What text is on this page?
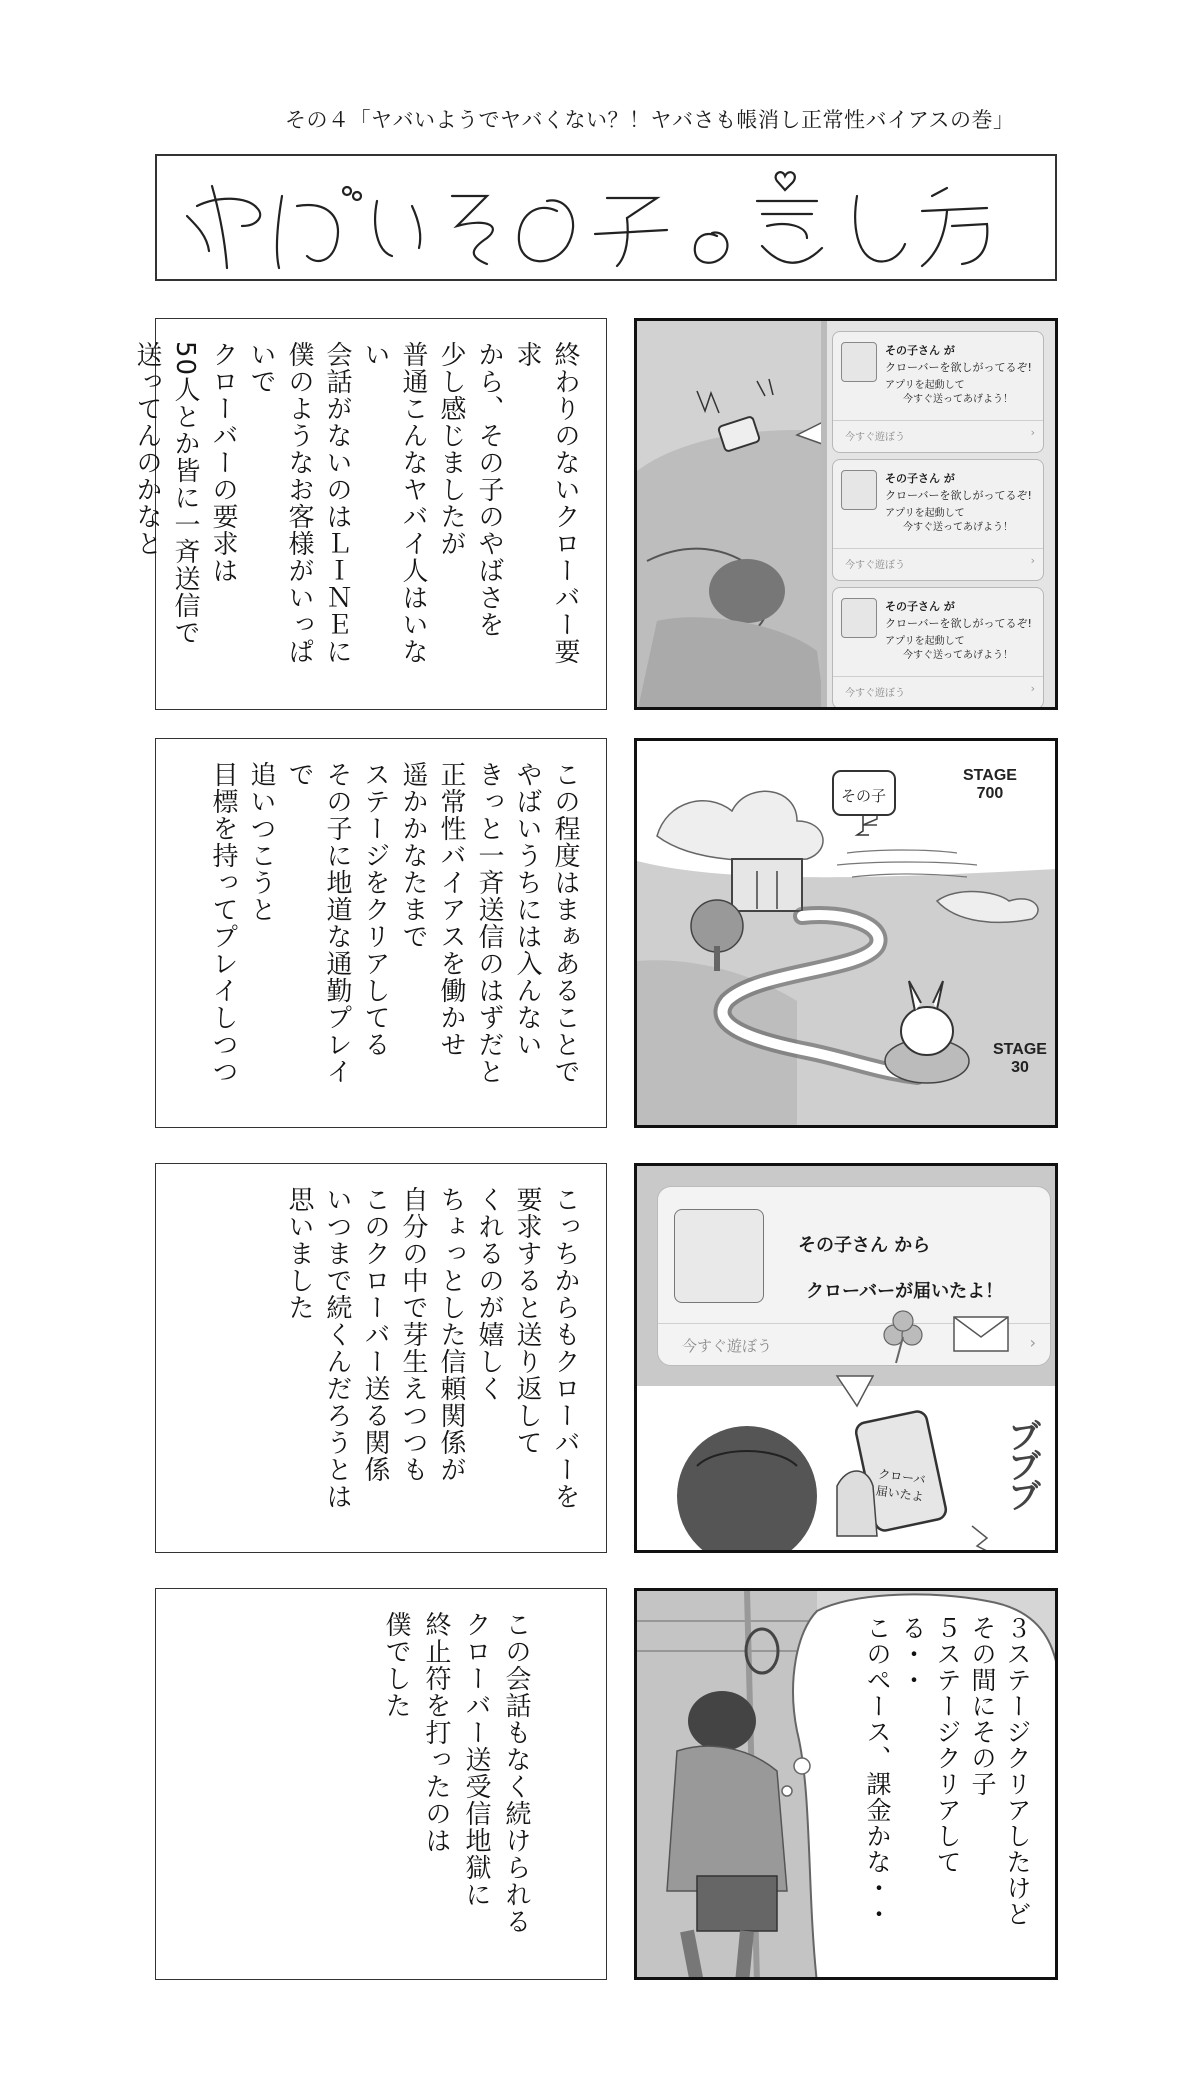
その４「ヤバいようでヤバくない？！ヤバさも帳消し正常性バイアスの巻」
終わりのないクローバー要求
から、その子のやばさを
少し感じましたが
普通こんなヤバイ人はいない
会話がないのはＬＩＮＥに
僕のようなお客様がいっぱいで
クローバーの要求は
50人とか皆に一斉送信で
送ってんのかなと	その子さん が
クローバーを欲しがってるぞ!
アプリを起動して
今すぐ送ってあげよう！
今すぐ遊ぼう	›
その子さん が
クローバーを欲しがってるぞ!
アプリを起動して
今すぐ送ってあげよう！
今すぐ遊ぼう	›
その子さん が
クローバーを欲しがってるぞ!
アプリを起動して
今すぐ送ってあげよう！
今すぐ遊ぼう	›
この程度はまぁあることで
やばいうちには入んない
きっと一斉送信のはずだと
正常性バイアスを働かせ
遥かかなたまで
ステージをクリアしてる
その子に地道な通勤プレイで
追いつこうと
目標を持ってプレイしつつ	その子
STAGE
700
STAGE
30
こっちからもクローバーを
要求すると送り返して
くれるのが嬉しく
ちょっとした信頼関係が
自分の中で芽生えつつも
このクローバー送る関係
いつまで続くんだろうとは
思いました	その子さん から
クローバーが届いたよ！
今すぐ遊ぼう	›
クローバ
届いたよ ブブブ
この会話もなく続けられる
クローバー送受信地獄に
終止符を打ったのは
僕でした	３ステージクリアしたけど
その間にその子
５ステージクリアしてる・・
このペース、課金かな・・
